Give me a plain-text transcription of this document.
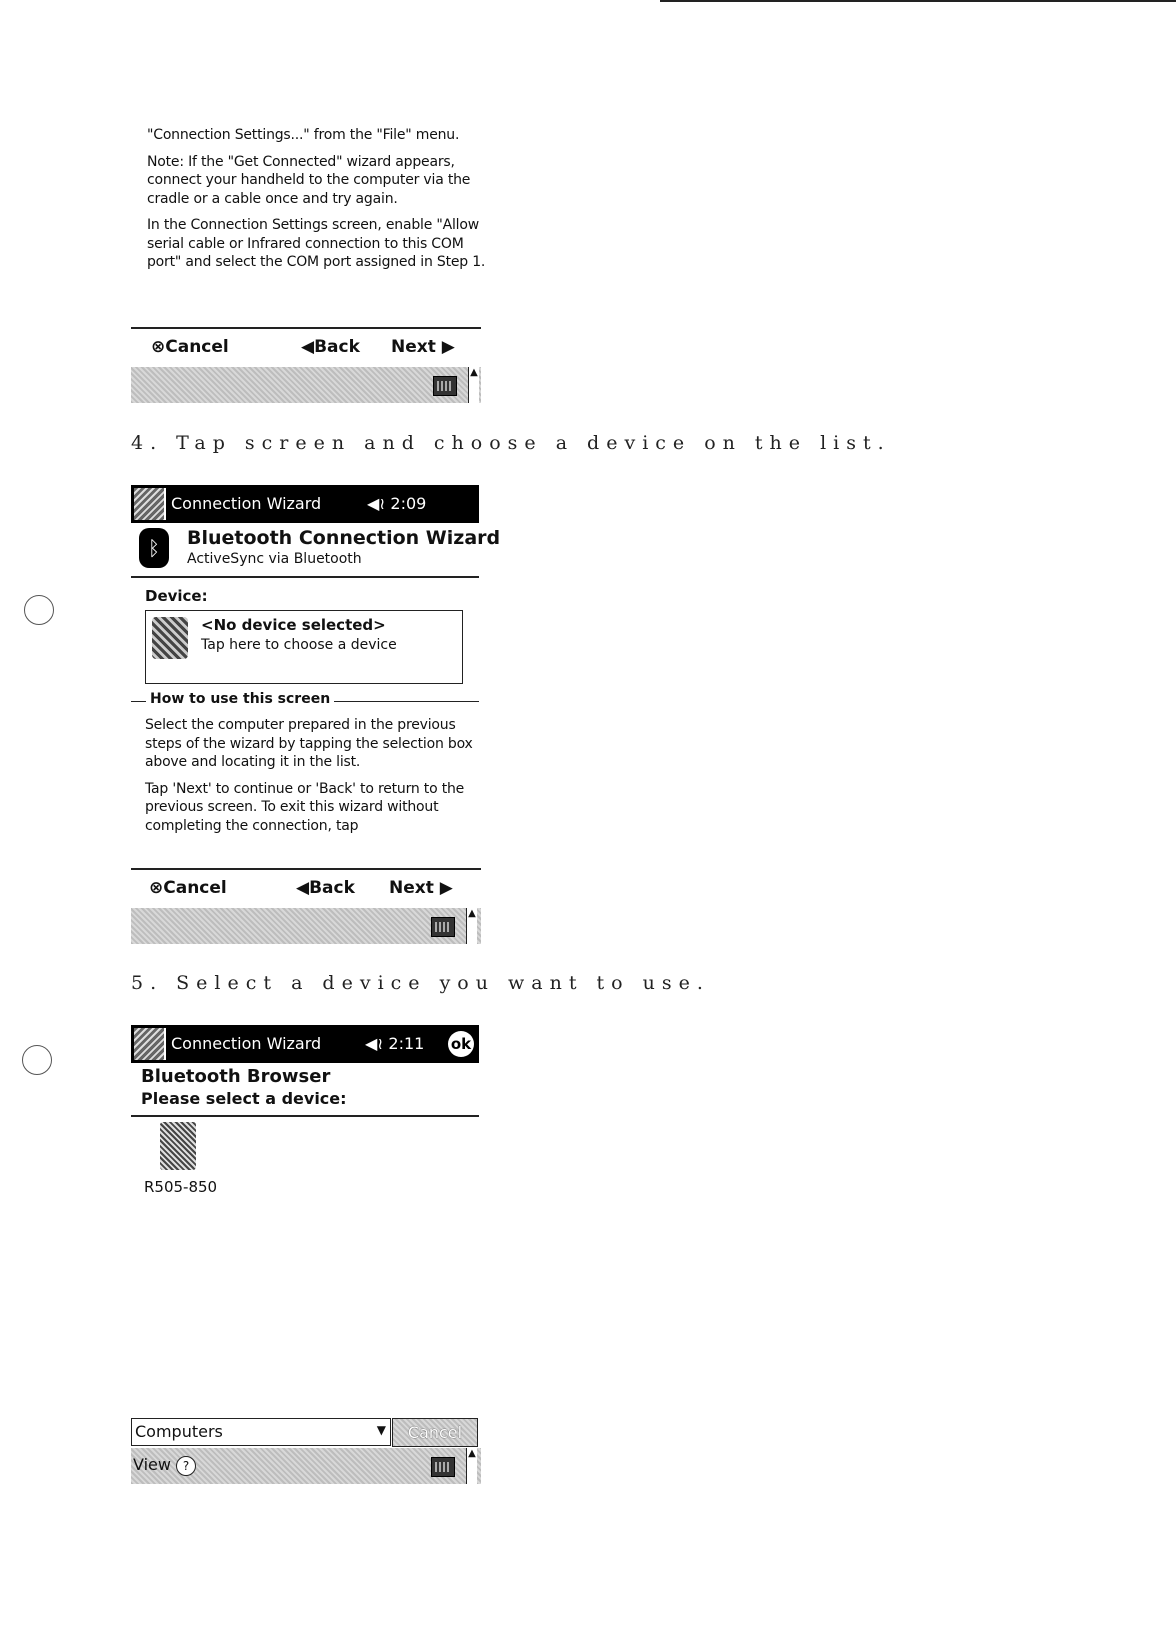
"Connection Settings..." from the "File" menu.

Note: If the "Get Connected" wizard appears, connect your handheld to the computer via the cradle or a cable once and try again.

In the Connection Settings screen, enable "Allow serial cable or Infrared connection to this COM port" and select the COM port assigned in Step 1.

⊗Cancel	◀Back Next ▶
▲
4. Tap screen and choose a device on the list.
Connection Wizard	◀≀ 2:09
ᛒ	Bluetooth Connection Wizard
ActiveSync via Bluetooth
Device:
<No device selected>
Tap here to choose a device
How to use this screen

Select the computer prepared in the previous steps of the wizard by tapping the selection box above and locating it in the list.

Tap 'Next' to continue or 'Back' to return to the previous screen. To exit this wizard without completing the connection, tap

⊗Cancel	◀Back Next ▶
▲
5. Select a device you want to use.
Connection Wizard	◀≀ 2:11 ok
Bluetooth Browser
Please select a device:
R505-850
Computers	▼	Cancel
View ?
▲
